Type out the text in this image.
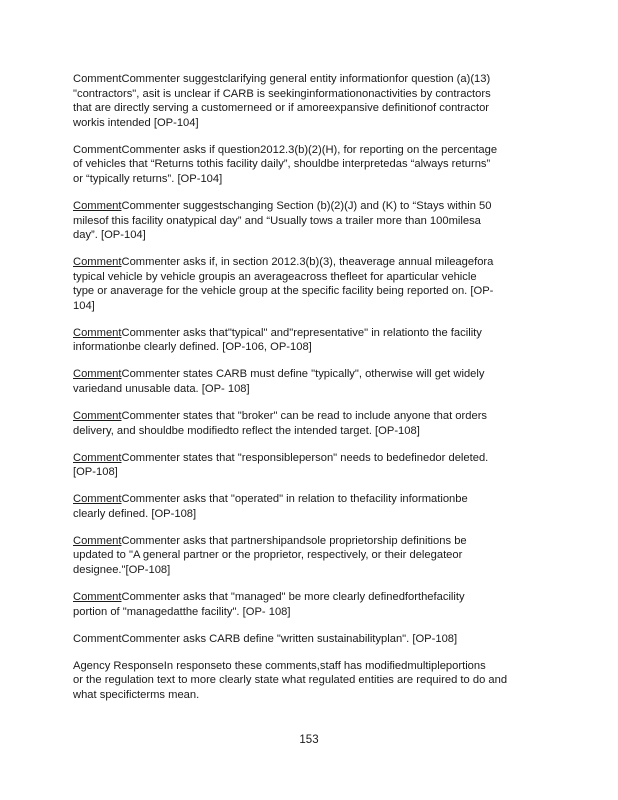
CommentCommenter suggestclarifying general entity informationfor question (a)(13)
"contractors", asit is unclear if CARB is seekinginformationonactivities by contractors
that are directly serving a customerneed or if amoreexpansive definitionof contractor
workis intended [OP-104]

CommentCommenter asks if question2012.3(b)(2)(H), for reporting on the percentage
of vehicles that “Returns tothis facility daily”, shouldbe interpretedas “always returns”
or “typically returns”. [OP-104]

CommentCommenter suggestschanging Section (b)(2)(J) and (K) to “Stays within 50
milesof this facility onatypical day” and “Usually tows a trailer more than 100milesa
day”. [OP-104]

CommentCommenter asks if, in section 2012.3(b)(3), theaverage annual mileagefora
typical vehicle by vehicle groupis an averageacross thefleet for aparticular vehicle
type or anaverage for the vehicle group at the specific facility being reported on. [OP-
104]

CommentCommenter asks that"typical" and"representative" in relationto the facility
informationbe clearly defined. [OP-106, OP-108]

CommentCommenter states CARB must define "typically", otherwise will get widely
variedand unusable data. [OP- 108]

CommentCommenter states that "broker" can be read to include anyone that orders
delivery, and shouldbe modifiedto reflect the intended target. [OP-108]

CommentCommenter states that "responsibleperson" needs to bedefinedor deleted.
[OP-108]

CommentCommenter asks that "operated" in relation to thefacility informationbe
clearly defined. [OP-108]

CommentCommenter asks that partnershipandsole proprietorship definitions be
updated to "A general partner or the proprietor, respectively, or their delegateor
designee."[OP-108]

CommentCommenter asks that "managed" be more clearly definedforthefacility
portion of "managedatthe facility". [OP- 108]

CommentCommenter asks CARB define "written sustainabilityplan". [OP-108]

Agency ResponseIn responseto these comments,staff has modifiedmultipleportions
or the regulation text to more clearly state what regulated entities are required to do and
what specificterms mean.

153
